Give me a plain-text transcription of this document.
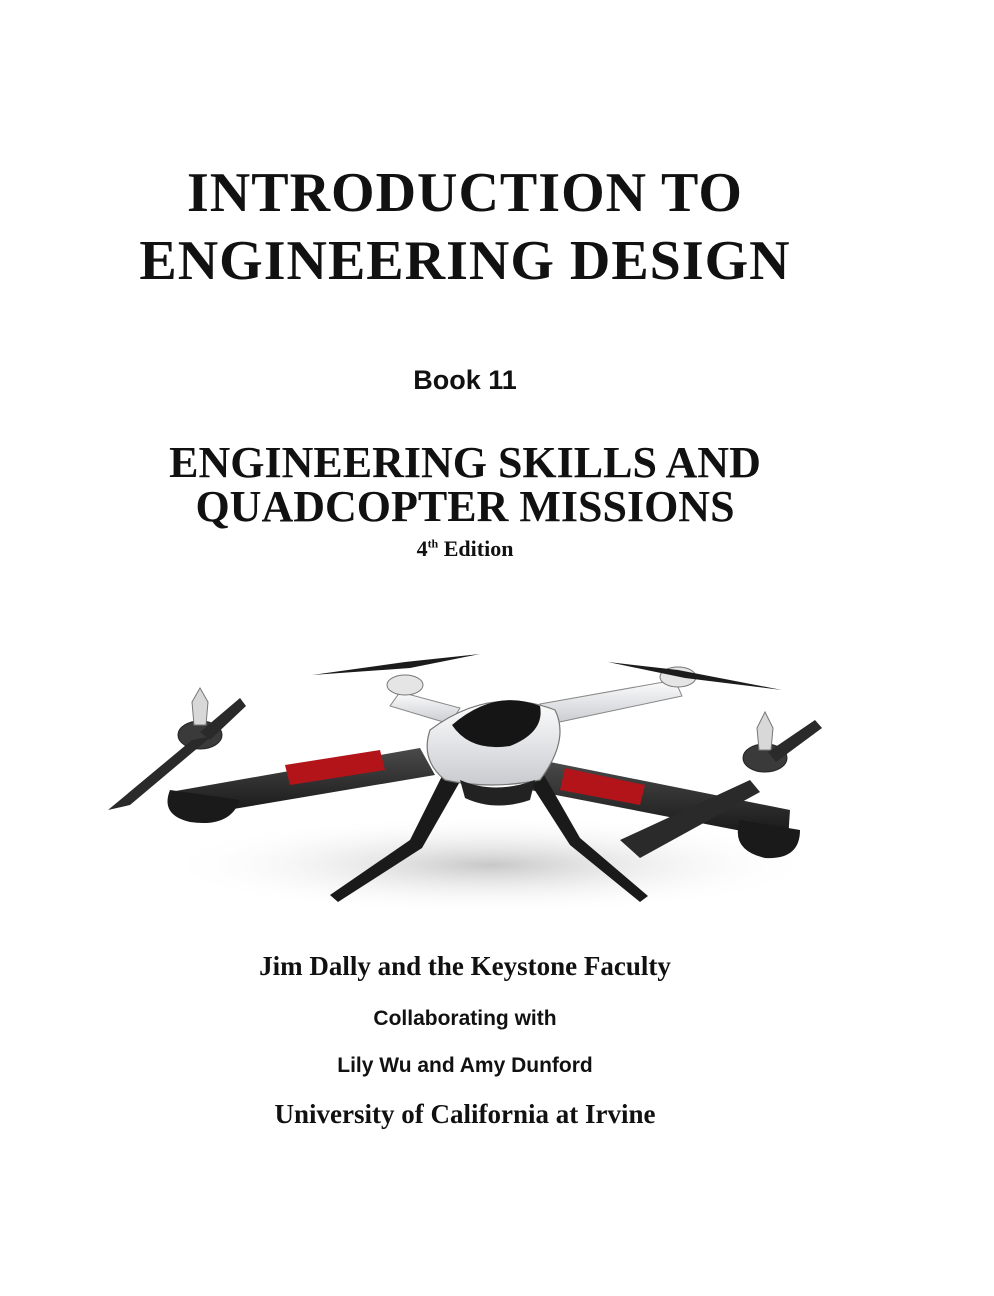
INTRODUCTION TO
ENGINEERING DESIGN
Book 11
ENGINEERING SKILLS AND
QUADCOPTER MISSIONS
4th Edition
Jim Dally and the Keystone Faculty
Collaborating with
Lily Wu and Amy Dunford
University of California at Irvine
